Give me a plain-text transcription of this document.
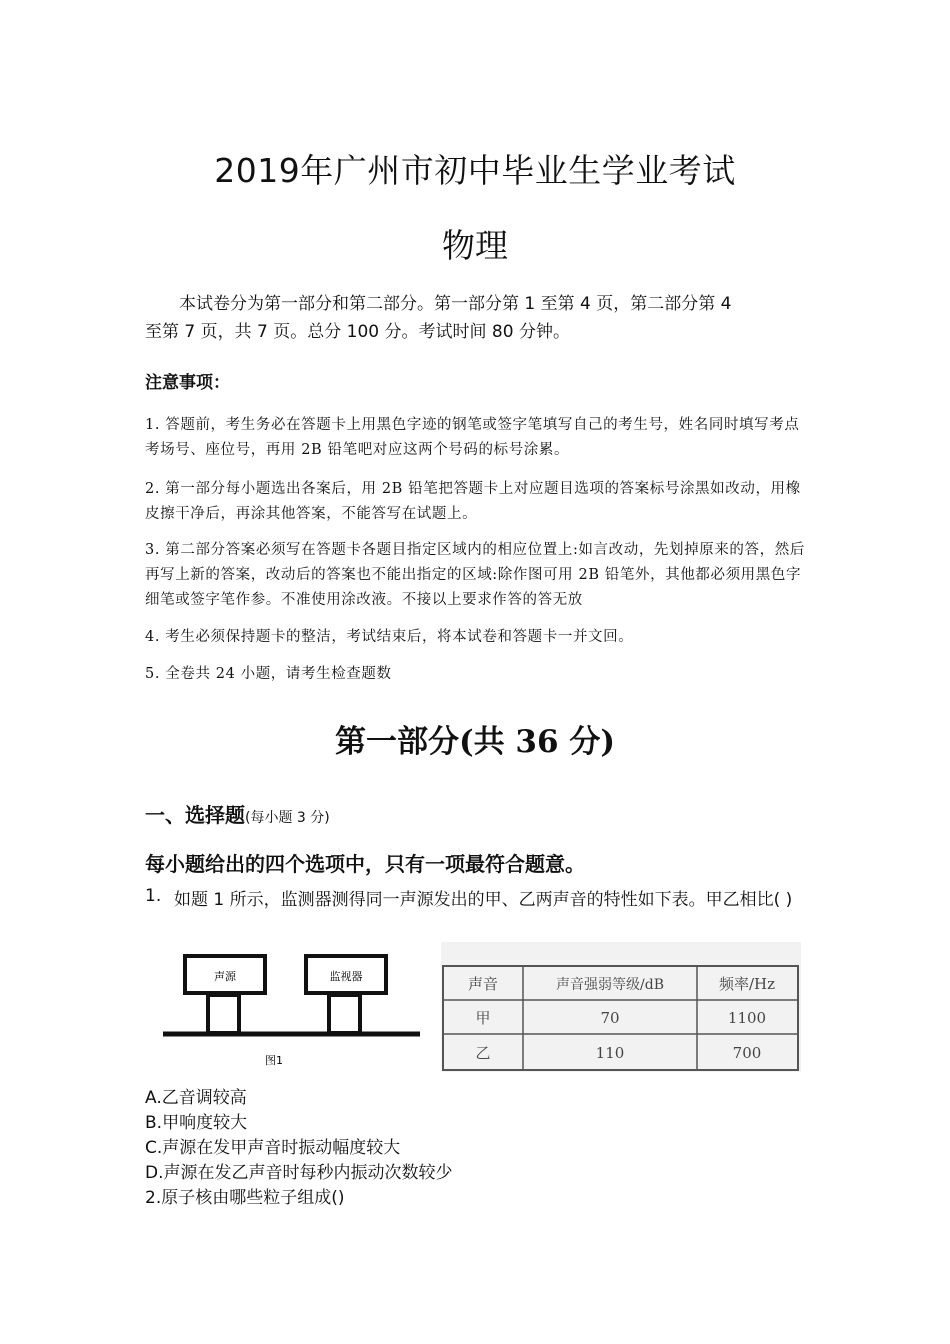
2019年广州市初中毕业生学业考试
物理

本试卷分为第一部分和第二部分。第一部分第 1 至第 4 页，第二部分第 4

至第 7 页，共 7 页。总分 100 分。考试时间 80 分钟。

注意事项：
1. 答题前，考生务必在答题卡上用黑色字迹的钢笔或签字笔填写自己的考生号，姓名同时填写考点考场号、座位号，再用 2B 铅笔吧对应这两个号码的标号涂累。
2. 第一部分每小题选出各案后，用 2B 铅笔把答题卡上对应题目选项的答案标号涂黑如改动，用橡皮擦干净后，再涂其他答案，不能答写在试题上。
3. 第二部分答案必须写在答题卡各题目指定区域内的相应位置上:如言改动，先划掉原来的答，然后再写上新的答案，改动后的答案也不能出指定的区域:除作图可用 2B 铅笔外，其他都必须用黑色字细笔或签字笔作参。不准使用涂改液。不接以上要求作答的答无放
4. 考生必须保持题卡的整洁，考试结束后，将本试卷和答题卡一并文回。
5. 全卷共 24 小题，请考生检查题数
第一部分(共 36 分)
一、选择题(每小题 3 分)
每小题给出的四个选项中，只有一项最符合题意。
1. 如题 1 所示，监测器测得同一声源发出的甲、乙两声音的特性如下表。甲乙相比( )
声源	监视器
图1
声音	声音强弱等级/dB	频率/Hz
甲	70	1100
乙	110	700
A.乙音调较高
B.甲响度较大
C.声源在发甲声音时振动幅度较大
D.声源在发乙声音时每秒内振动次数较少
2.原子核由哪些粒子组成()
